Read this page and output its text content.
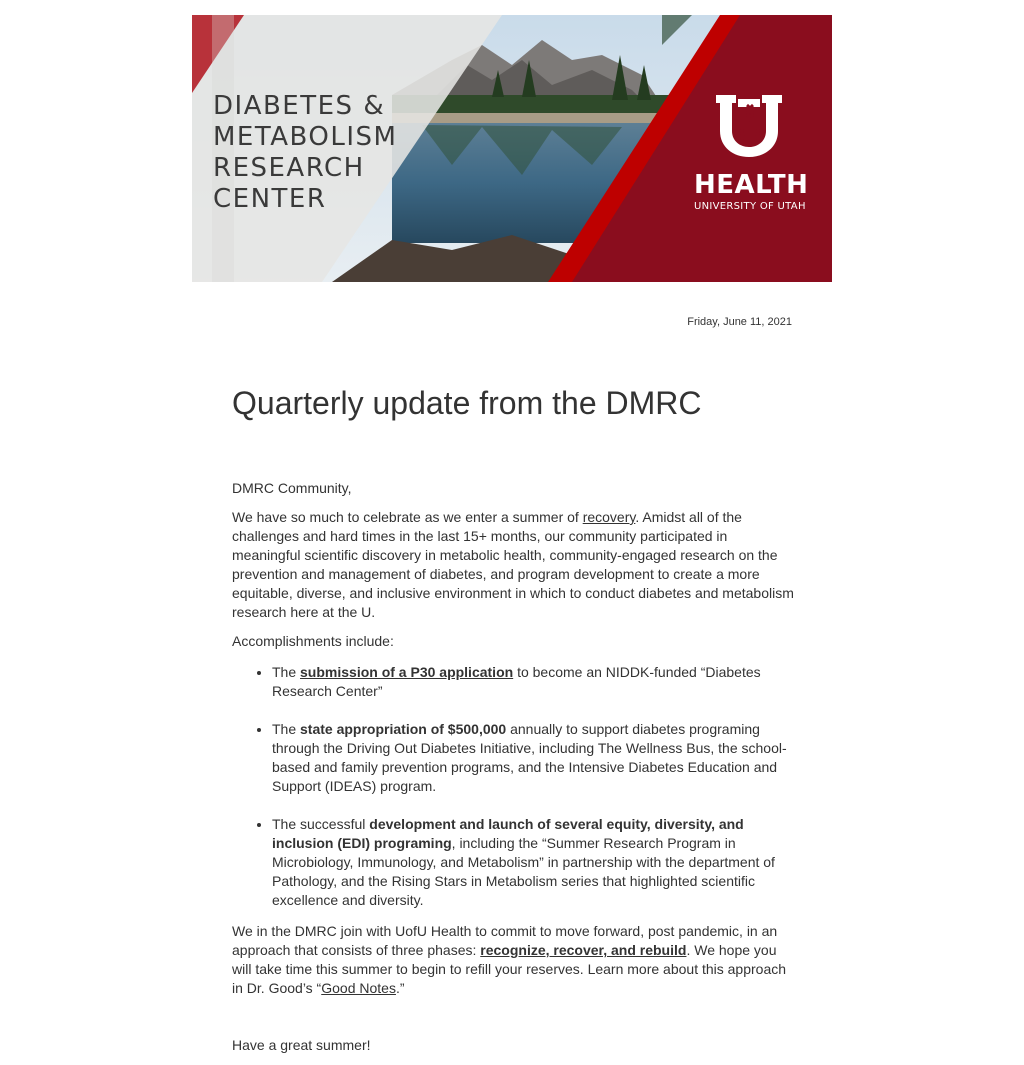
DIABETES &
METABOLISM
RESEARCH
CENTER	HEALTH
UNIVERSITY OF UTAH
Friday, June 11, 2021
Quarterly update from the DMRC

DMRC Community,

We have so much to celebrate as we enter a summer of recovery. Amidst all of the challenges and hard times in the last 15+ months, our community participated in meaningful scientific discovery in metabolic health, community-engaged research on the prevention and management of diabetes, and program development to create a more equitable, diverse, and inclusive environment in which to conduct diabetes and metabolism research here at the U.

Accomplishments include:

• The submission of a P30 application to become an NIDDK-funded “Diabetes Research Center”
• The state appropriation of $500,000 annually to support diabetes programing through the Driving Out Diabetes Initiative, including The Wellness Bus, the school-based and family prevention programs, and the Intensive Diabetes Education and Support (IDEAS) program.
• The successful development and launch of several equity, diversity, and inclusion (EDI) programing, including the “Summer Research Program in Microbiology, Immunology, and Metabolism” in partnership with the department of Pathology, and the Rising Stars in Metabolism series that highlighted scientific excellence and diversity.

We in the DMRC join with UofU Health to commit to move forward, post pandemic, in an approach that consists of three phases: recognize, recover, and rebuild. We hope you will take time this summer to begin to refill your reserves. Learn more about this approach in Dr. Good’s “Good Notes.”

Have a great summer!
